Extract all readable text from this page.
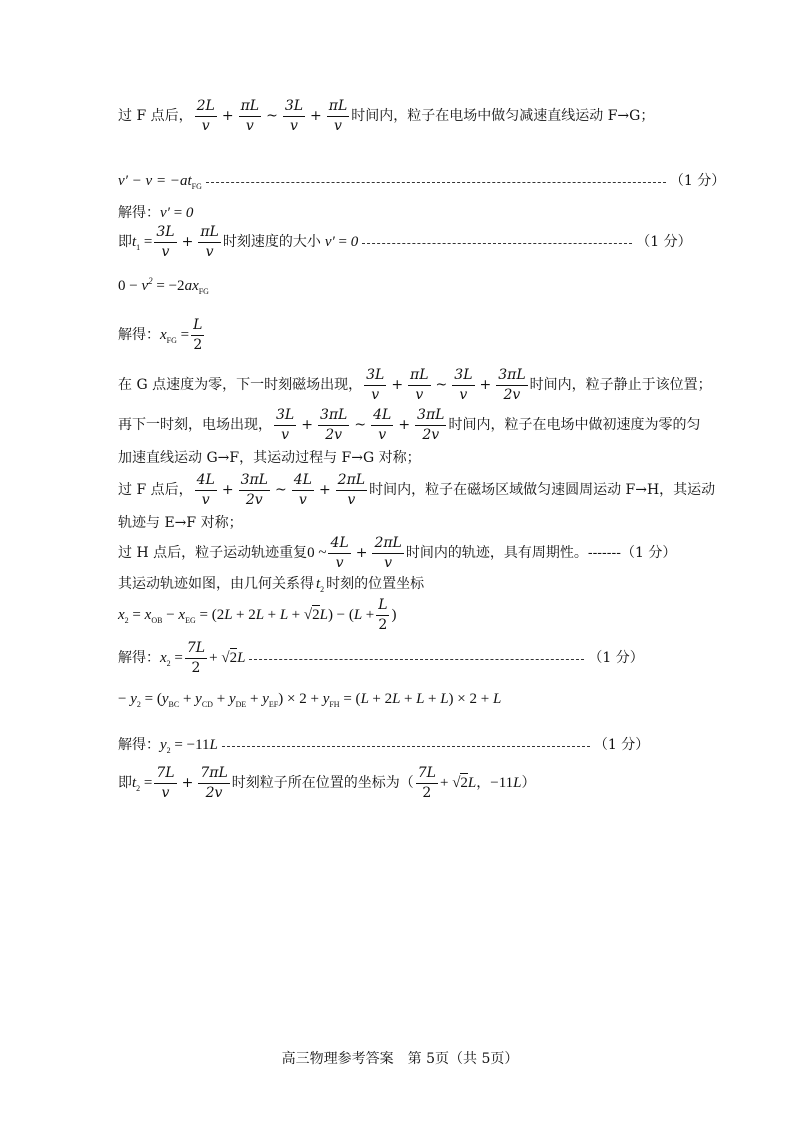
过 F 点后， $\frac{2L}{v} + \frac{\pi L}{v}$ ~ $\frac{3L}{v} + \frac{\pi L}{v}$ 时间内，粒子在电场中做匀减速直线运动 F→G；
$v' - v = -at_{FG}$	（1 分）
解得： v′ = 0
即 $t_1 = \frac{3L}{v} + \frac{\pi L}{v}$ 时刻速度的大小 v′ = 0	（1 分）
$0 - v^2 = -2ax_{FG}$
解得： $x_{FG} = \frac{L}{2}$
在 G 点速度为零，下一时刻磁场出现， $\frac{3L}{v} + \frac{\pi L}{v}$ ~ $\frac{3L}{v} + \frac{3\pi L}{2v}$ 时间内，粒子静止于该位置；
再下一时刻，电场出现， $\frac{3L}{v} + \frac{3\pi L}{2v}$ ~ $\frac{4L}{v} + \frac{3\pi L}{2v}$ 时间内，粒子在电场中做初速度为零的匀
加速直线运动 G→F，其运动过程与 F→G 对称；
过 F 点后， $\frac{4L}{v} + \frac{3\pi L}{2v}$ ~ $\frac{4L}{v} + \frac{2\pi L}{v}$ 时间内，粒子在磁场区域做匀速圆周运动 F→H，其运动
轨迹与 E→F 对称；
过 H 点后，粒子运动轨迹重复 0 ~ $\frac{4L}{v} + \frac{2\pi L}{v}$ 时间内的轨迹，具有周期性。-------（1 分）
其运动轨迹如图，由几何关系得 $t_2$ 时刻的位置坐标
$x_2 = x_{OB} - x_{EG} = (2L + 2L + L + √2L) - (L + \frac{L}{2}$ )
解得： $x_2 = \frac{7L}{2} + √2L$	（1 分）
− $y_2 = (y_{BC} + y_{CD} + y_{DE} + y_{EF}) \times 2 + y_{FH} = (L + 2L + L + L) \times 2 + L$
解得： $y_2 = -11L$	（1 分）
即 $t_2 = \frac{7L}{v} + \frac{7\pi L}{2v}$ 时刻粒子所在位置的坐标为（ $\frac{7L}{2} + √2L$ ， −11L ）
高三物理参考答案　第 5页（共 5页）
